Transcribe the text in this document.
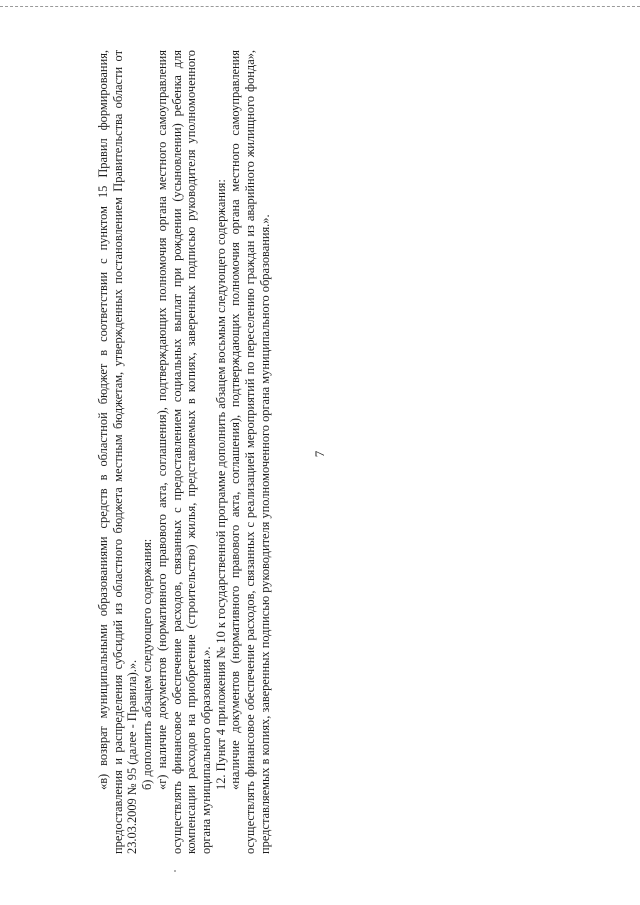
7

«в) возврат муниципальными образованиями средств в областной бюджет в соответствии с пунктом 15 Правил формирования, предоставления и распределения субсидий из областного бюджета местным бюджетам, утвержденных постановлением Правительства области от 23.03.2009 № 95 (далее - Правила).». б) дополнить абзацем следующего содержания: «г) наличие документов (нормативного правового акта, соглашения), подтверждающих полномочия органа местного самоуправления осуществлять финансовое обеспечение расходов, связанных с предоставлением социальных выплат при рождении (усыновлении) ребенка для компенсации расходов на приобретение (строительство) жилья, представляемых в копиях, заверенных подписью руководителя уполномоченного органа муниципального образования.». 12. Пункт 4 приложения № 10 к государственной программе дополнить абзацем восьмым следующего содержания: «наличие документов (нормативного правового акта, соглашения), подтверждающих полномочия органа местного самоуправления осуществлять финансовое обеспечение расходов, связанных с реализацией мероприятий по переселению граждан из аварийного жилищного фонда», представляемых в копиях, заверенных подписью руководителя уполномоченного органа муниципального образования.».
